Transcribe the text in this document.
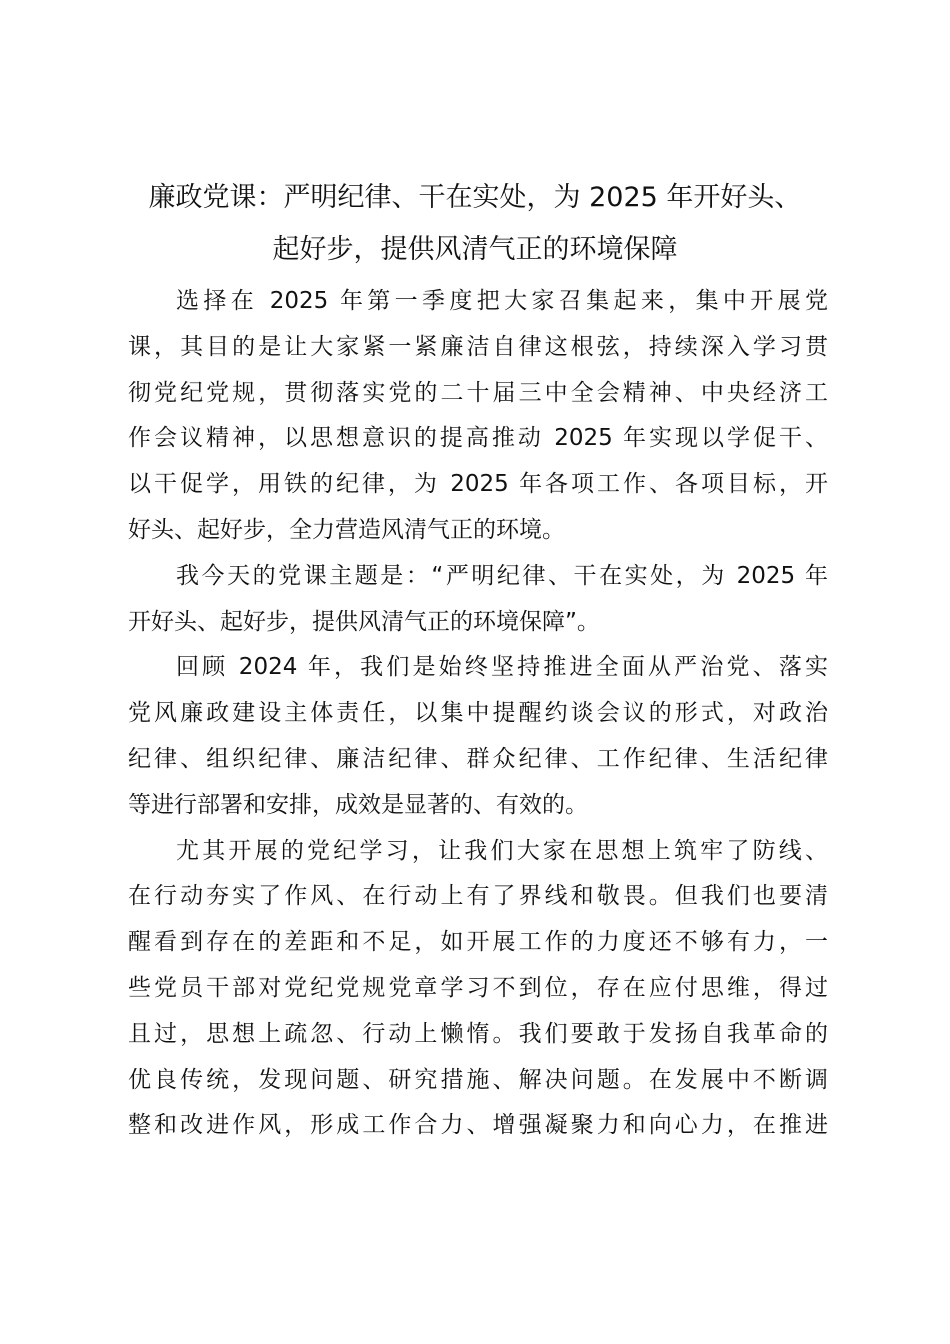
廉政党课：严明纪律、干在实处，为 2025 年开好头、
起好步，提供风清气正的环境保障

选择在 2025 年第一季度把大家召集起来，集中开展党
课，其目的是让大家紧一紧廉洁自律这根弦，持续深入学习贯
彻党纪党规，贯彻落实党的二十届三中全会精神、中央经济工
作会议精神，以思想意识的提高推动 2025 年实现以学促干、
以干促学，用铁的纪律，为 2025 年各项工作、各项目标，开
好头、起好步，全力营造风清气正的环境。

我今天的党课主题是：“严明纪律、干在实处，为 2025 年
开好头、起好步，提供风清气正的环境保障”。

回顾 2024 年，我们是始终坚持推进全面从严治党、落实
党风廉政建设主体责任，以集中提醒约谈会议的形式，对政治
纪律、组织纪律、廉洁纪律、群众纪律、工作纪律、生活纪律
等进行部署和安排，成效是显著的、有效的。

尤其开展的党纪学习，让我们大家在思想上筑牢了防线、
在行动夯实了作风、在行动上有了界线和敬畏。但我们也要清
醒看到存在的差距和不足，如开展工作的力度还不够有力，一
些党员干部对党纪党规党章学习不到位，存在应付思维，得过
且过，思想上疏忽、行动上懒惰。我们要敢于发扬自我革命的
优良传统，发现问题、研究措施、解决问题。在发展中不断调
整和改进作风，形成工作合力、增强凝聚力和向心力，在推进
